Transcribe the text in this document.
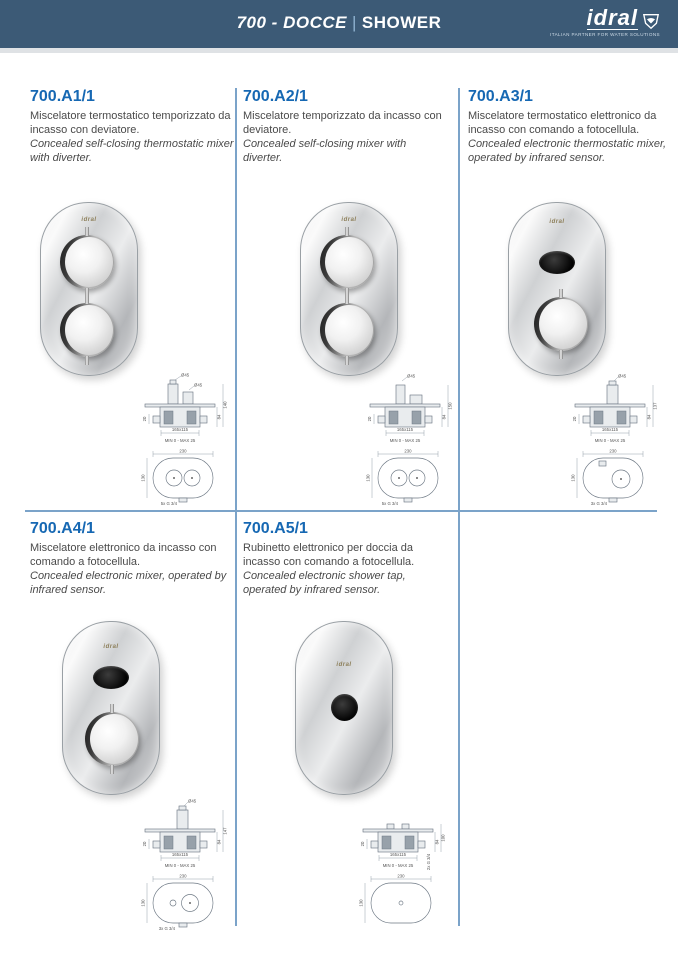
700 - DOCCE | SHOWER	idral
ITALIAN PARTNER FOR WATER SOLUTIONS
700.A1/1

Miscelatore termostatico temporizzato da incasso con deviatore.

Concealed self-closing thermostatic mixer with diverter.

idral
Ø45
Ø45
165x115
MIN 0 - MAX 25
20
140
84
230
130
5x G 3/4
700.A2/1

Miscelatore temporizzato da incasso con deviatore.

Concealed self-closing mixer with diverter.

idral
Ø45
165x115
MIN 0 - MAX 25
20
150
84
230
130
5x G 3/4
700.A3/1

Miscelatore termostatico elettronico da incasso con comando a fotocellula.

Concealed electronic thermostatic mixer, operated by infrared sensor.

idral
Ø45
165x115
MIN 0 - MAX 25
20
137
84
230
130
3x G 3/4
700.A4/1

Miscelatore elettronico da incasso con comando a fotocellula.

Concealed electronic mixer, operated by infrared sensor.

idral
Ø45
165x115
MIN 0 - MAX 25
20
147
84
230
130
3x G 3/4
700.A5/1

Rubinetto elettronico per doccia da incasso con comando a fotocellula.

Concealed electronic shower tap, operated by infrared sensor.

idral
165x115
MIN 0 - MAX 25
20
100
84
2x G 3/4
230
130
